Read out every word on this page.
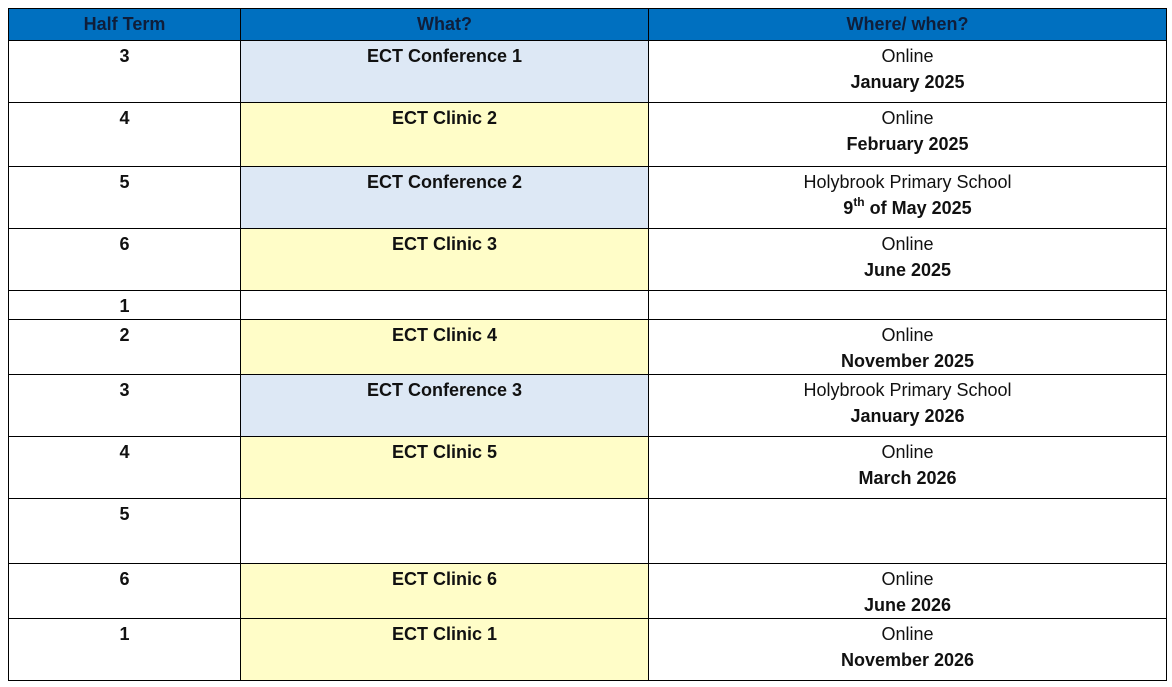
Half Term	What?	Where/ when?

3	ECT Conference 1	Online
January 2025

4	ECT Clinic 2	Online
February 2025

5	ECT Conference 2	Holybrook Primary School
9th of May 2025

6	ECT Clinic 3	Online
June 2025

1		

2	ECT Clinic 4	Online
November 2025

3	ECT Conference 3	Holybrook Primary School
January 2026

4	ECT Clinic 5	Online
March 2026

5		

6	ECT Clinic 6	Online
June 2026

1	ECT Clinic 1	Online
November 2026
